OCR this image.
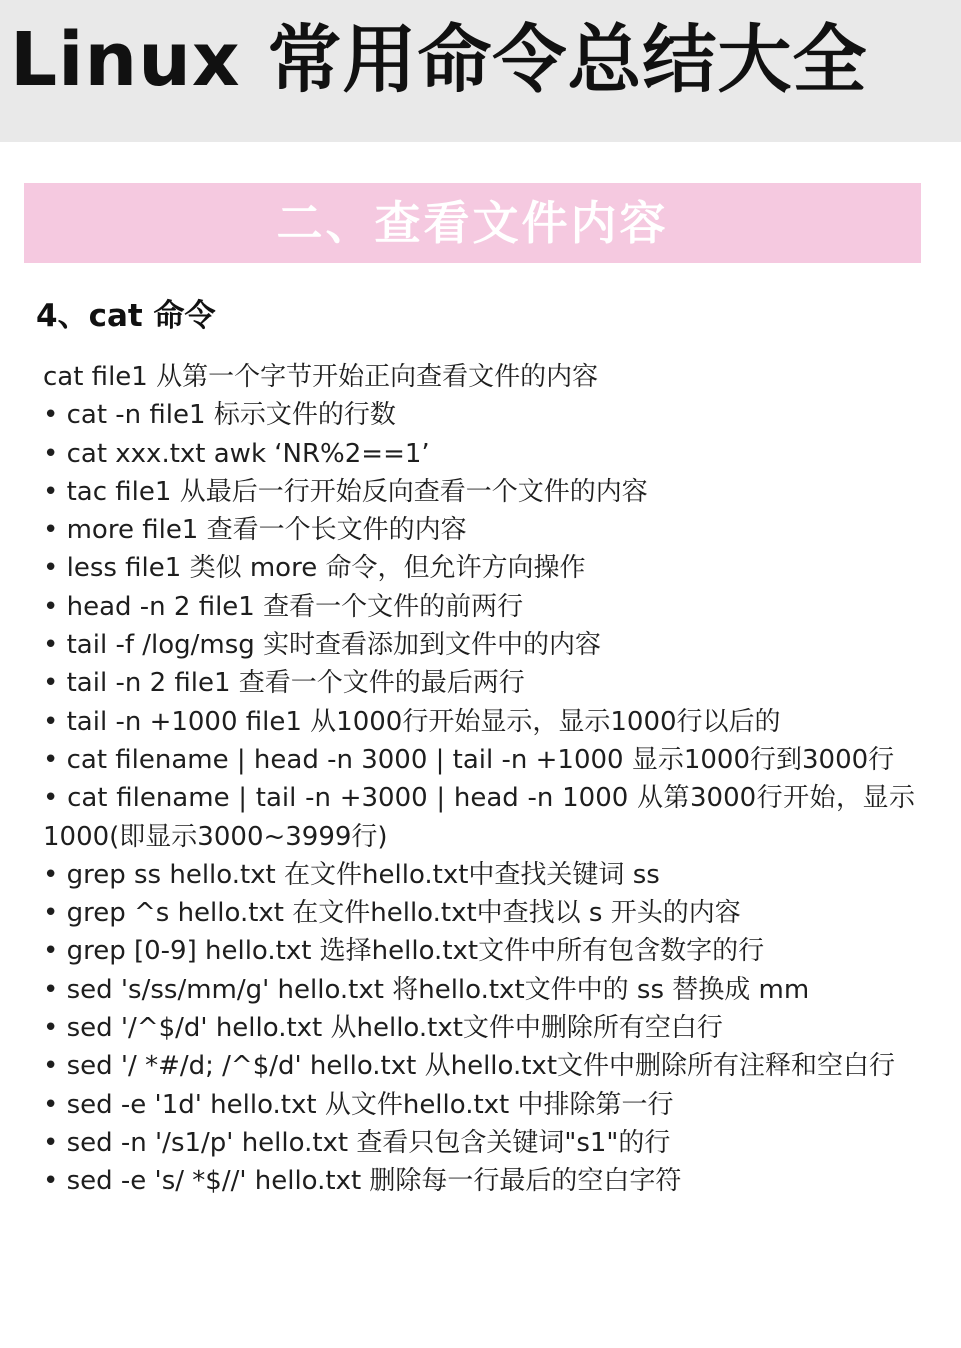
Linux 常用命令总结大全
二、查看文件内容
4、cat 命令
cat file1 从第一个字节开始正向查看文件的内容
• cat -n file1 标示文件的行数
• cat xxx.txt awk ‘NR%2==1’
• tac file1 从最后一行开始反向查看一个文件的内容
• more file1 查看一个长文件的内容
• less file1 类似 more 命令，但允许方向操作
• head -n 2 file1 查看一个文件的前两行
• tail -f /log/msg 实时查看添加到文件中的内容
• tail -n 2 file1 查看一个文件的最后两行
• tail -n +1000 file1 从1000行开始显示，显示1000行以后的
• cat filename | head -n 3000 | tail -n +1000 显示1000行到3000行
• cat filename | tail -n +3000 | head -n 1000 从第3000行开始，显示1000(即显示3000~3999行)
• grep ss hello.txt 在文件hello.txt中查找关键词 ss
• grep ^s hello.txt 在文件hello.txt中查找以 s 开头的内容
• grep [0-9] hello.txt 选择hello.txt文件中所有包含数字的行
• sed 's/ss/mm/g' hello.txt 将hello.txt文件中的 ss 替换成 mm
• sed '/^$/d' hello.txt 从hello.txt文件中删除所有空白行
• sed '/ *#/d; /^$/d' hello.txt 从hello.txt文件中删除所有注释和空白行
• sed -e '1d' hello.txt 从文件hello.txt 中排除第一行
• sed -n '/s1/p' hello.txt 查看只包含关键词"s1"的行
• sed -e 's/ *$//' hello.txt 删除每一行最后的空白字符
